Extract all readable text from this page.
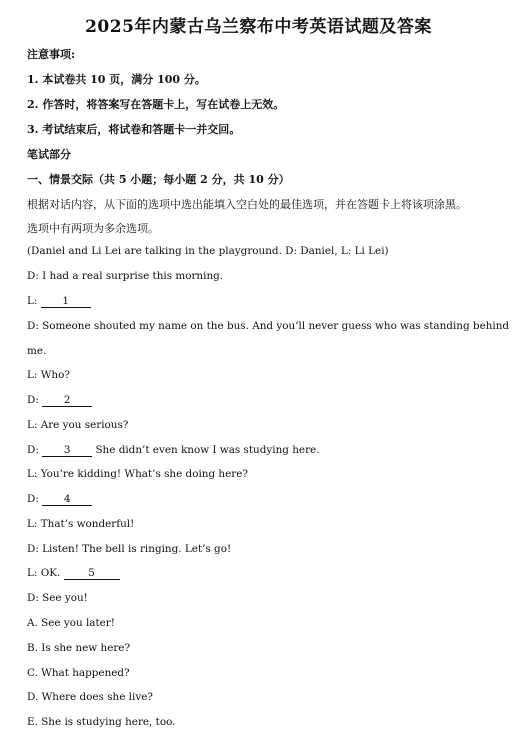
2025年内蒙古乌兰察布中考英语试题及答案
注意事项:
1. 本试卷共 10 页，满分 100 分。
2. 作答时，将答案写在答题卡上，写在试卷上无效。
3. 考试结束后，将试卷和答题卡一并交回。
笔试部分
一、情景交际（共 5 小题；每小题 2 分，共 10 分）
根据对话内容，从下面的选项中选出能填入空白处的最佳选项，并在答题卡上将该项涂黑。
选项中有两项为多余选项。
(Daniel and Li Lei are talking in the playground. D: Daniel, L: Li Lei)
D: I had a real surprise this morning.
L: 1
D: Someone shouted my name on the bus. And you’ll never guess who was standing behind
me.
L: Who?
D: 2
L: Are you serious?
D: 3 She didn’t even know I was studying here.
L: You’re kidding! What’s she doing here?
D: 4
L: That’s wonderful!
D: Listen! The bell is ringing. Let’s go!
L: OK. 5
D: See you!
A. See you later!
B. Is she new here?
C. What happened?
D. Where does she live?
E. She is studying here, too.
